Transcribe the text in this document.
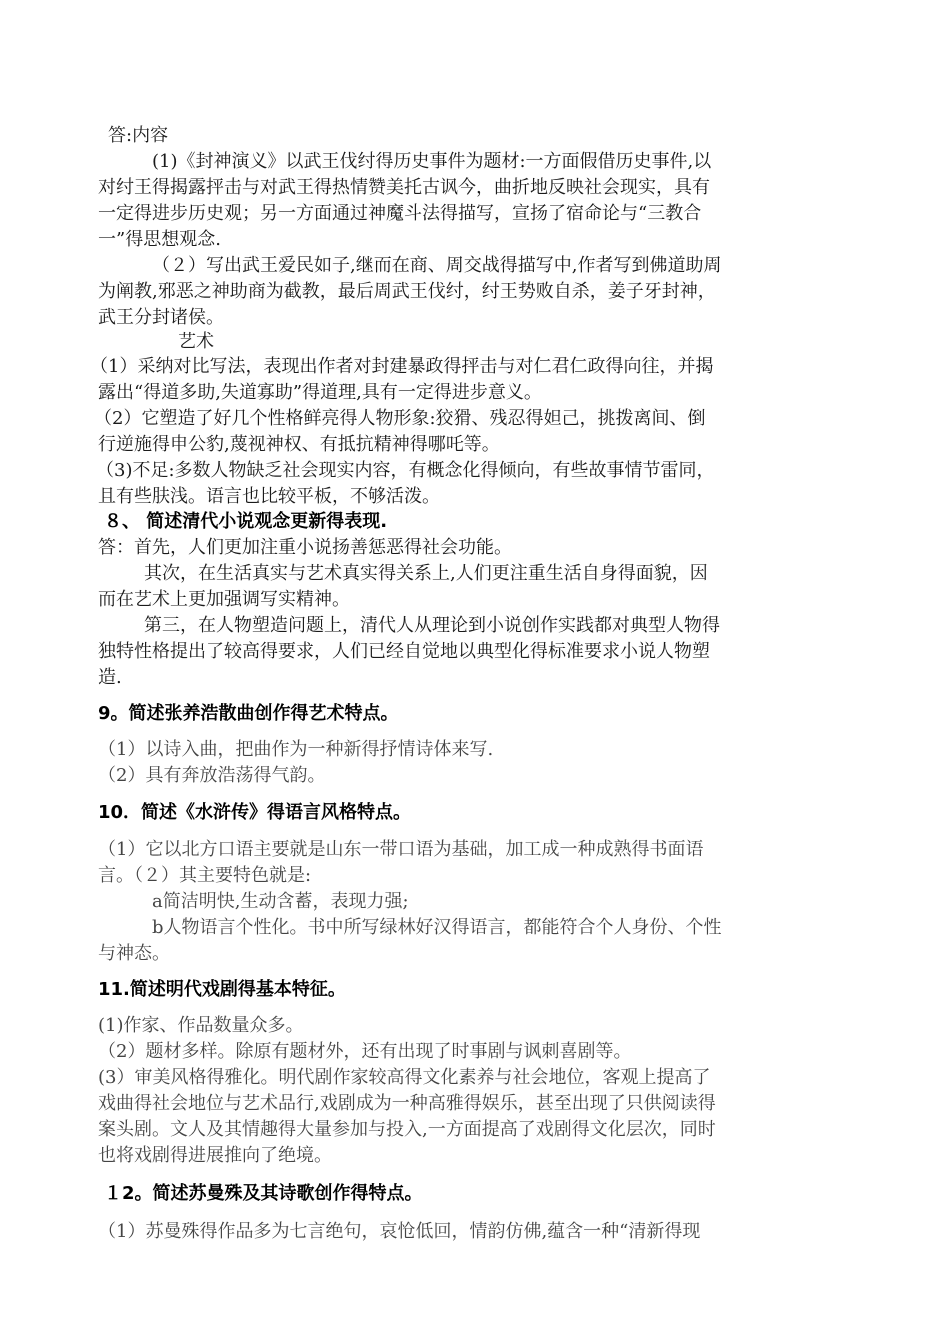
答:内容
(1)《封神演义》以武王伐纣得历史事件为题材:一方面假借历史事件,以
对纣王得揭露抨击与对武王得热情赞美托古讽今，曲折地反映社会现实，具有
一定得进步历史观；另一方面通过神魔斗法得描写，宣扬了宿命论与“三教合
一”得思想观念.
（２）写出武王爱民如子,继而在商、周交战得描写中,作者写到佛道助周
为阐教,邪恶之神助商为截教，最后周武王伐纣，纣王势败自杀，姜子牙封神，
武王分封诸侯。
艺术
（1）采纳对比写法，表现出作者对封建暴政得抨击与对仁君仁政得向往，并揭
露出“得道多助,失道寡助”得道理,具有一定得进步意义。
（2）它塑造了好几个性格鲜亮得人物形象:狡猾、残忍得妲己，挑拨离间、倒
行逆施得申公豹,蔑视神权、有抵抗精神得哪吒等。
（3)不足:多数人物缺乏社会现实内容，有概念化得倾向，有些故事情节雷同，
且有些肤浅。语言也比较平板，不够活泼。
８、 简述清代小说观念更新得表现.
答：首先，人们更加注重小说扬善惩恶得社会功能。
其次，在生活真实与艺术真实得关系上,人们更注重生活自身得面貌，因
而在艺术上更加强调写实精神。
第三，在人物塑造问题上，清代人从理论到小说创作实践都对典型人物得
独特性格提出了较高得要求，人们已经自觉地以典型化得标准要求小说人物塑
造.
9。简述张养浩散曲创作得艺术特点。
（1）以诗入曲，把曲作为一种新得抒情诗体来写.
（2）具有奔放浩荡得气韵。
10．简述《水浒传》得语言风格特点。
（1）它以北方口语主要就是山东一带口语为基础，加工成一种成熟得书面语
言。（２）其主要特色就是:
a简洁明快,生动含蓄，表现力强;
b人物语言个性化。书中所写绿林好汉得语言，都能符合个人身份、个性
与神态。
11.简述明代戏剧得基本特征。
(1)作家、作品数量众多。
（2）题材多样。除原有题材外，还有出现了时事剧与讽刺喜剧等。
(3）审美风格得雅化。明代剧作家较高得文化素养与社会地位，客观上提高了
戏曲得社会地位与艺术品行,戏剧成为一种高雅得娱乐，甚至出现了只供阅读得
案头剧。文人及其情趣得大量参加与投入,一方面提高了戏剧得文化层次，同时
也将戏剧得进展推向了绝境。
１2。简述苏曼殊及其诗歌创作得特点。
（1）苏曼殊得作品多为七言绝句，哀怆低回，情韵仿佛,蕴含一种“清新得现
